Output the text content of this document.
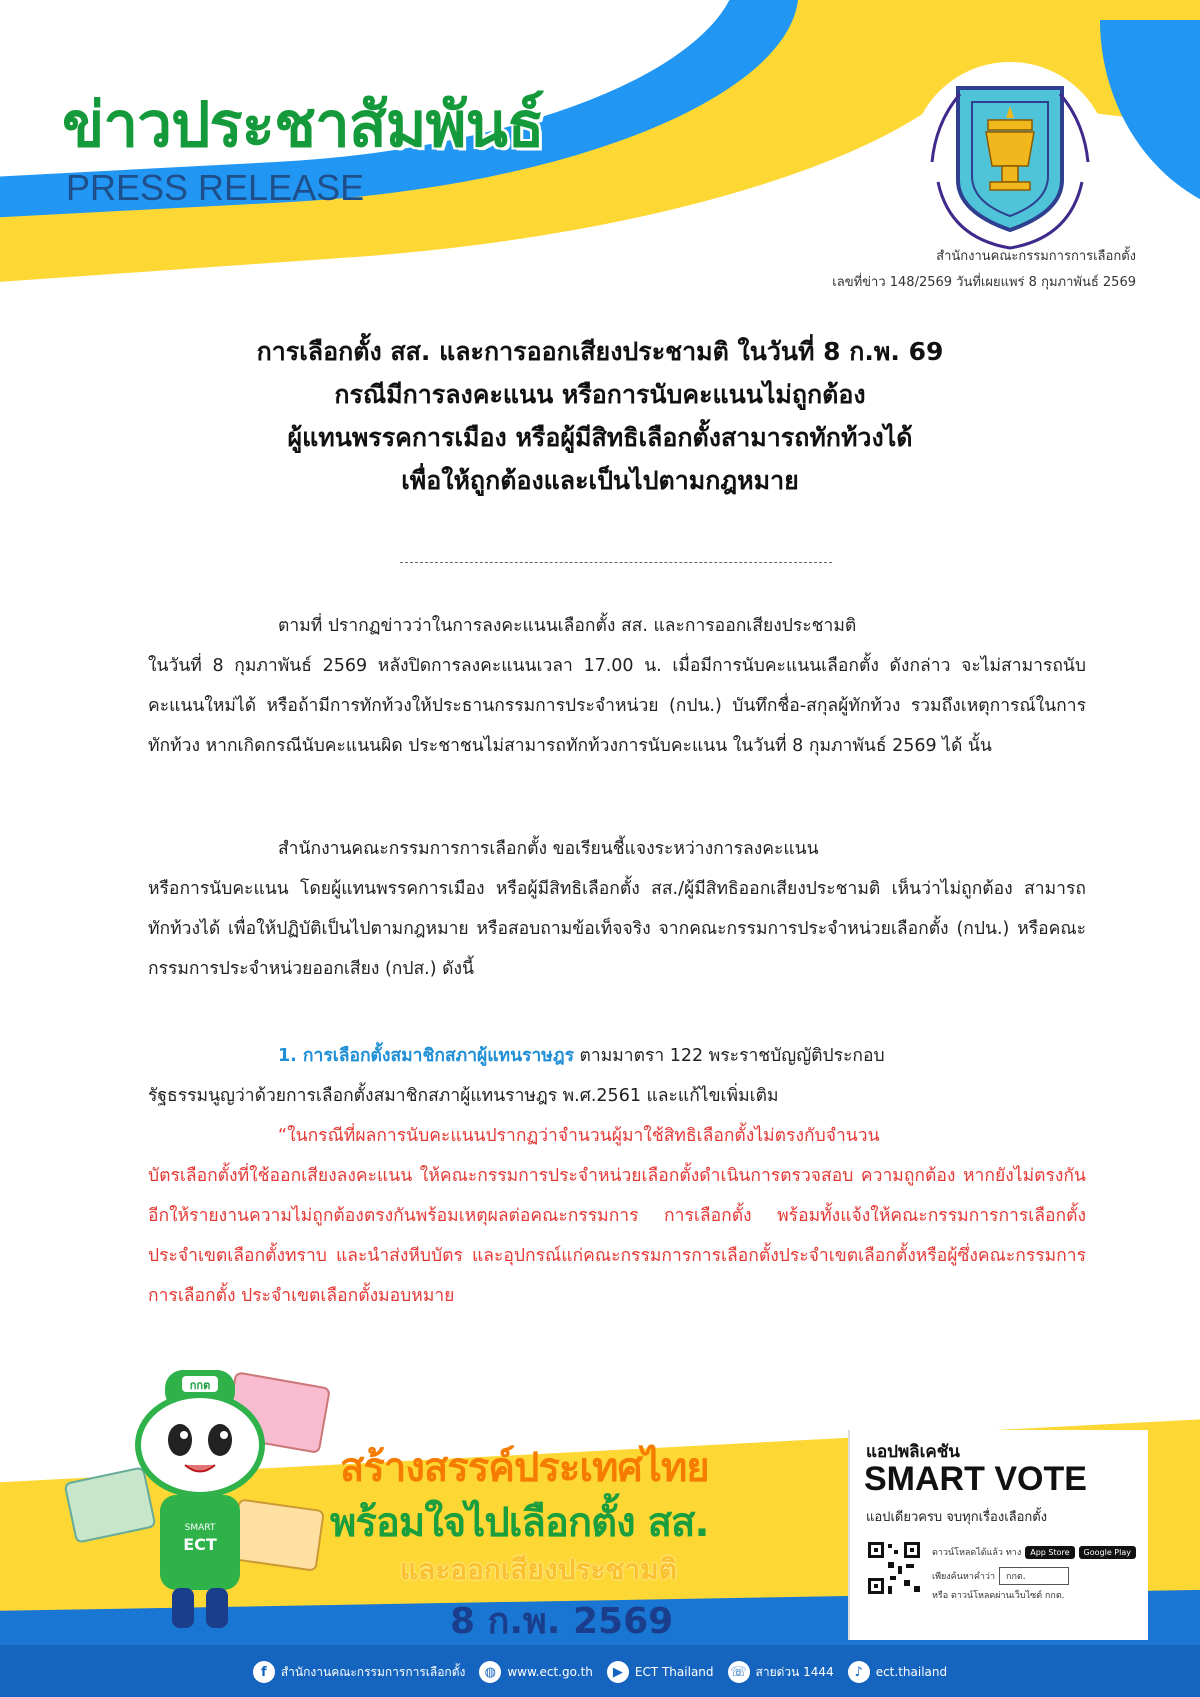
ข่าวประชาสัมพันธ์
PRESS RELEASE
สำนักงานคณะกรรมการการเลือกตั้ง
เลขที่ข่าว 148/2569 วันที่เผยแพร่ 8 กุมภาพันธ์ 2569
การเลือกตั้ง สส. และการออกเสียงประชามติ ในวันที่ 8 ก.พ. 69
กรณีมีการลงคะแนน หรือการนับคะแนนไม่ถูกต้อง
ผู้แทนพรรคการเมือง หรือผู้มีสิทธิเลือกตั้งสามารถทักท้วงได้
เพื่อให้ถูกต้องและเป็นไปตามกฎหมาย
ตามที่ ปรากฏข่าวว่าในการลงคะแนนเลือกตั้ง สส. และการออกเสียงประชามติ
ในวันที่ 8 กุมภาพันธ์ 2569 หลังปิดการลงคะแนนเวลา 17.00 น. เมื่อมีการนับคะแนนเลือกตั้ง ดังกล่าว จะไม่สามารถนับคะแนนใหม่ได้ หรือถ้ามีการทักท้วงให้ประธานกรรมการประจำหน่วย (กปน.) บันทึกชื่อ-สกุลผู้ทักท้วง รวมถึงเหตุการณ์ในการทักท้วง หากเกิดกรณีนับคะแนนผิด ประชาชนไม่สามารถทักท้วงการนับคะแนน ในวันที่ 8 กุมภาพันธ์ 2569 ได้ นั้น
สำนักงานคณะกรรมการการเลือกตั้ง ขอเรียนชี้แจงระหว่างการลงคะแนน
หรือการนับคะแนน โดยผู้แทนพรรคการเมือง หรือผู้มีสิทธิเลือกตั้ง สส./ผู้มีสิทธิออกเสียงประชามติ เห็นว่าไม่ถูกต้อง สามารถทักท้วงได้ เพื่อให้ปฏิบัติเป็นไปตามกฎหมาย หรือสอบถามข้อเท็จจริง จากคณะกรรมการประจำหน่วยเลือกตั้ง (กปน.) หรือคณะกรรมการประจำหน่วยออกเสียง (กปส.) ดังนี้
1. การเลือกตั้งสมาชิกสภาผู้แทนราษฎร ตามมาตรา 122 พระราชบัญญัติประกอบ
รัฐธรรมนูญว่าด้วยการเลือกตั้งสมาชิกสภาผู้แทนราษฎร พ.ศ.2561 และแก้ไขเพิ่มเติม
“ในกรณีที่ผลการนับคะแนนปรากฏว่าจำนวนผู้มาใช้สิทธิเลือกตั้งไม่ตรงกับจำนวน
บัตรเลือกตั้งที่ใช้ออกเสียงลงคะแนน ให้คณะกรรมการประจำหน่วยเลือกตั้งดำเนินการตรวจสอบ ความถูกต้อง หากยังไม่ตรงกันอีกให้รายงานความไม่ถูกต้องตรงกันพร้อมเหตุผลต่อคณะกรรมการ การเลือกตั้ง พร้อมทั้งแจ้งให้คณะกรรมการการเลือกตั้งประจำเขตเลือกตั้งทราบ และนำส่งหีบบัตร และอุปกรณ์แก่คณะกรรมการการเลือกตั้งประจำเขตเลือกตั้งหรือผู้ซึ่งคณะกรรมการการเลือกตั้ง ประจำเขตเลือกตั้งมอบหมาย
กกต
SMART
ECT
สร้างสรรค์ประเทศไทย
พร้อมใจไปเลือกตั้ง สส.
และออกเสียงประชามติ
8 ก.พ. 2569
แอปพลิเคชัน
SMART VOTE
แอปเดียวครบ จบทุกเรื่องเลือกตั้ง
ดาวน์โหลดได้แล้ว ทาง	App Store	Google Play
เพียงค้นหาคำว่า	กกต.
หรือ ดาวน์โหลดผ่านเว็บไซต์ กกต.
f	สำนักงานคณะกรรมการการเลือกตั้ง	◍ www.ect.go.th	▶	ECT Thailand ☏ สายด่วน 1444	♪	ect.thailand
